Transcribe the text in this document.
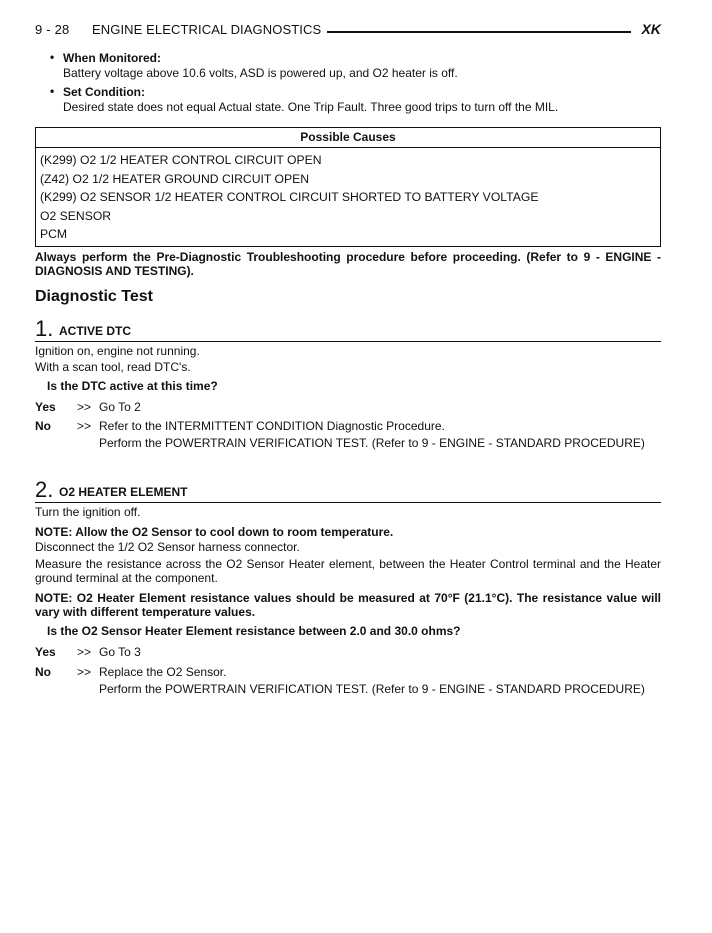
9 - 28 ENGINE ELECTRICAL DIAGNOSTICS	XK
• When Monitored:
Battery voltage above 10.6 volts, ASD is powered up, and O2 heater is off.
• Set Condition:
Desired state does not equal Actual state. One Trip Fault. Three good trips to turn off the MIL.
Possible Causes
(K299) O2 1/2 HEATER CONTROL CIRCUIT OPEN
(Z42) O2 1/2 HEATER GROUND CIRCUIT OPEN
(K299) O2 SENSOR 1/2 HEATER CONTROL CIRCUIT SHORTED TO BATTERY VOLTAGE
O2 SENSOR
PCM
Always perform the Pre-Diagnostic Troubleshooting procedure before proceeding. (Refer to 9 - ENGINE - DIAGNOSIS AND TESTING).
Diagnostic Test
1. ACTIVE DTC
Ignition on, engine not running.
With a scan tool, read DTC's.
Is the DTC active at this time?
Yes >> Go To 2
No >> Refer to the INTERMITTENT CONDITION Diagnostic Procedure.
Perform the POWERTRAIN VERIFICATION TEST. (Refer to 9 - ENGINE - STANDARD PROCEDURE)
2. O2 HEATER ELEMENT
Turn the ignition off.
NOTE: Allow the O2 Sensor to cool down to room temperature.
Disconnect the 1/2 O2 Sensor harness connector.
Measure the resistance across the O2 Sensor Heater element, between the Heater Control terminal and the Heater ground terminal at the component.
NOTE: O2 Heater Element resistance values should be measured at 70°F (21.1°C). The resistance value will vary with different temperature values.
Is the O2 Sensor Heater Element resistance between 2.0 and 30.0 ohms?
Yes >> Go To 3
No >> Replace the O2 Sensor.
Perform the POWERTRAIN VERIFICATION TEST. (Refer to 9 - ENGINE - STANDARD PROCEDURE)
